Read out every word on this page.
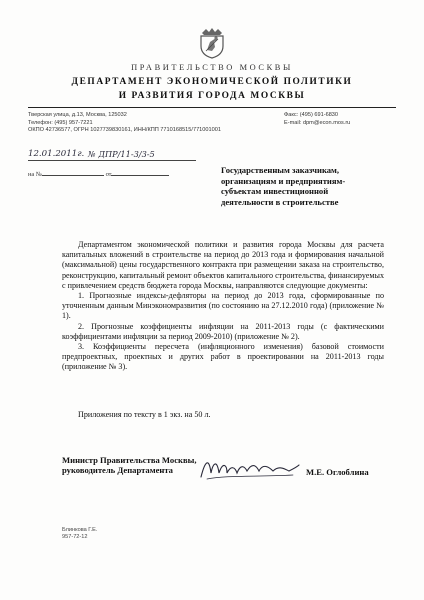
ПРАВИТЕЛЬСТВО МОСКВЫ
ДЕПАРТАМЕНТ ЭКОНОМИЧЕСКОЙ ПОЛИТИКИ
И РАЗВИТИЯ ГОРОДА МОСКВЫ
Тверская улица, д.13, Москва, 125032
Телефон: (495) 957-7221
ОКПО 42736577, ОГРН 1027739830161, ИНН/КПП 7710168515/771001001
Факс: (495) 691-6830
E-mail: dpm@econ.mos.ru
12.01.2011г. № ДПР/11-3/3-5
на №	от	Государственным заказчикам,
организациям и предприятиям-
субъектам инвестиционной
деятельности в строительстве

Департаментом экономической политики и развития города Москвы для расчета капитальных вложений в строительстве на период до 2013 года и формирования начальной (максимальной) цены государственного контракта при размещении заказа на строительство, реконструкцию, капитальный ремонт объектов капитального строительства, финансируемых с привлечением средств бюджета города Москвы, направляются следующие документы:

1. Прогнозные индексы-дефляторы на период до 2013 года, сформированные по уточненным данным Минэкономразвития (по состоянию на 27.12.2010 года) (приложение № 1).

2. Прогнозные коэффициенты инфляции на 2011-2013 годы (с фактическими коэффициентами инфляции за период 2009-2010) (приложение № 2).

3. Коэффициенты пересчета (инфляционного изменения) базовой стоимости предпроектных, проектных и других работ в проектировании на 2011-2013 годы (приложение № 3).

Приложения по тексту в 1 экз. на 50 л.
Министр Правительства Москвы,
руководитель Департамента	М.Е. Оглоблина
Блинкова Г.Е.
957-72-12
